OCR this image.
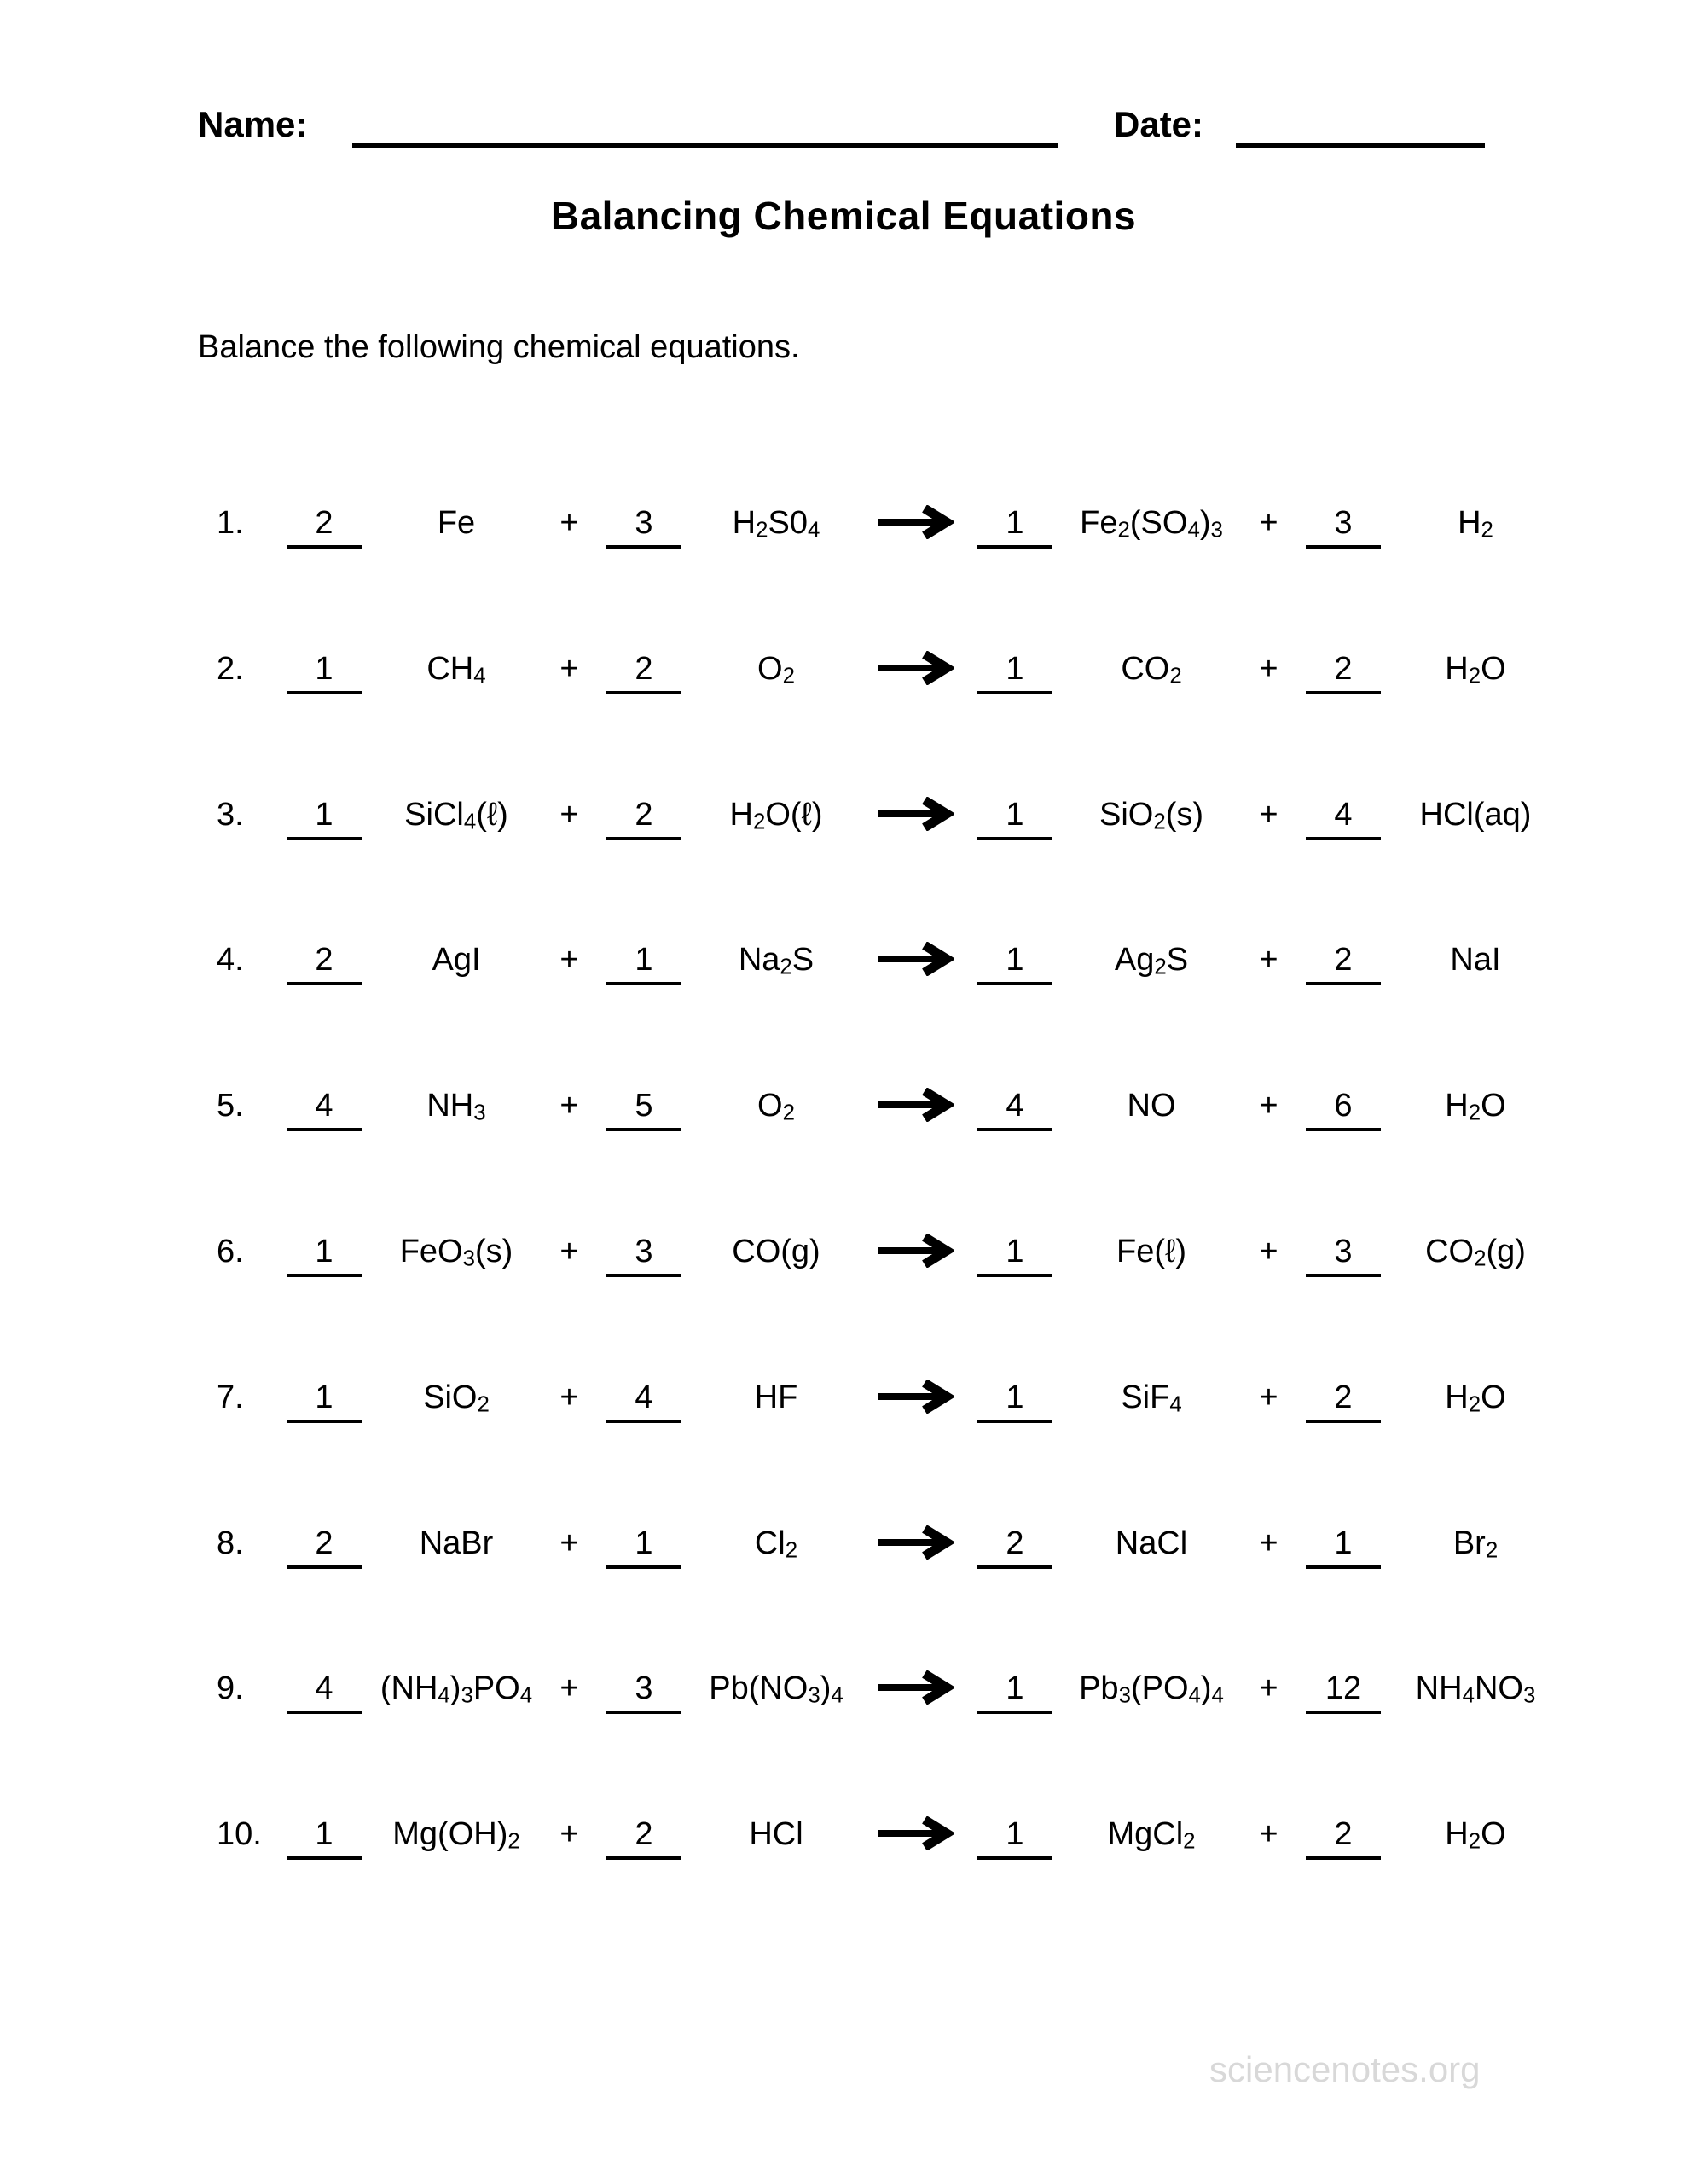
Name:	Date:
Balancing Chemical Equations
Balance the following chemical equations.
1.	2	Fe	+	3	$H_2S0_4$	1	$Fe_2(SO_4)_3$	+	3	$H_2$
2.	1	$CH_4$	+	2	$O_2$	1	$CO_2$	+	2	$H_2O$
3.	1	SiCl$_4$(ℓ)	+	2	$H_2O(\ell)$	1	SiO$_2$(s)	+	4	HCl(aq)
4.	2	AgI	+	1	$Na_2S$	1	$Ag_2S$	+	2	NaI
5.	4	$NH_3$	+	5	$O_2$	4	NO	+	6	$H_2O$
6.	1	FeO$_3$(s)	+	3	CO(g)	1	Fe(ℓ)	+	3	$CO_2(g)$
7.	1	SiO$_2$	+	4	HF	1	SiF$_4$	+	2	$H_2O$
8.	2	NaBr	+	1	$Cl_2$	2	NaCl	+	1	$Br_2$
9.	4	$(NH_4)_3PO_4$ +	3	$Pb(NO_3)_4$	1	$Pb_3(PO_4)_4$	+	12	$NH_4NO_3$
10.	1	$Mg(OH)_2$	+	2	HCl	1	MgCl$_2$	+	2	$H_2O$
sciencenotes.org
